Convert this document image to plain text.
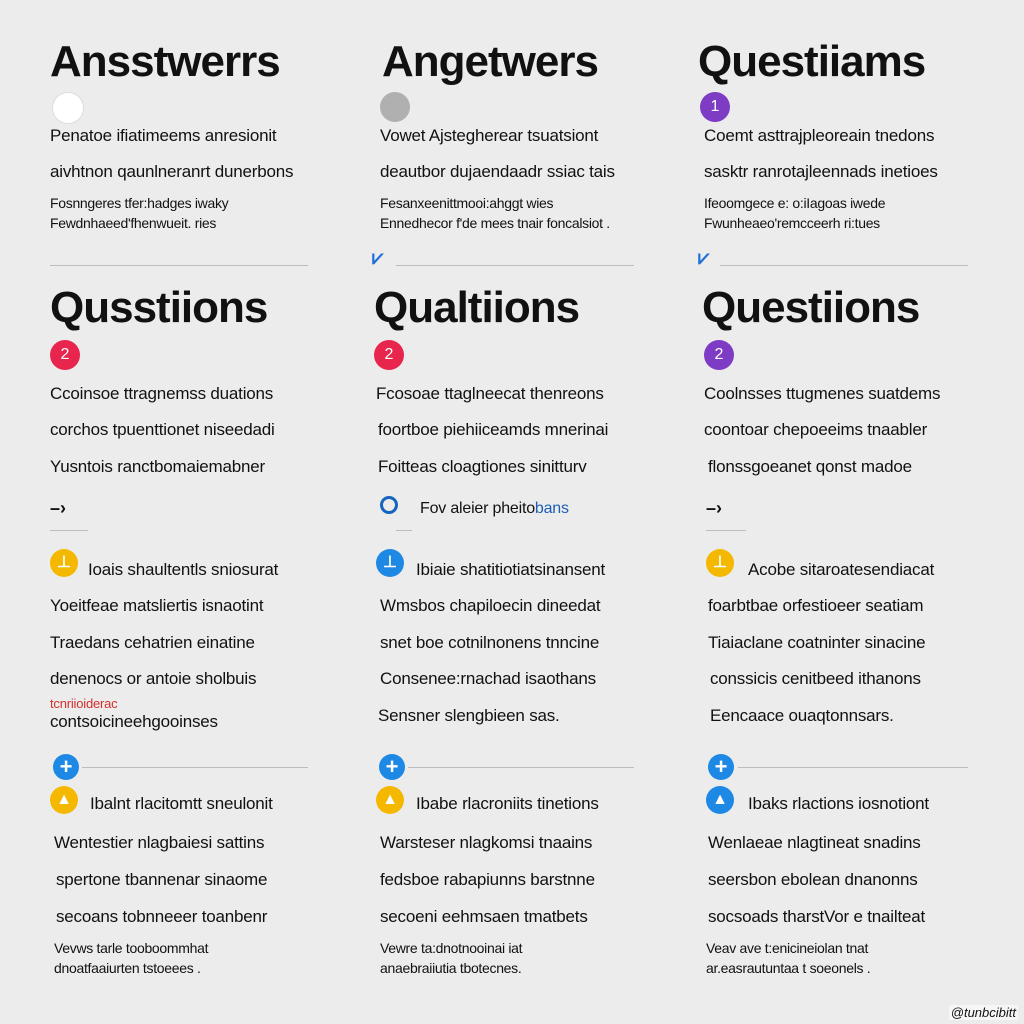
Ansstwerrs
Penatoe ifiatimeems anresionit
aivhtnon qaunlneranrt dunerbons
Fosnngeres tfer:hadges iwaky
Fewdnhaeed'fhenwueit. ries
Qusstiions
2
Ccoinsoe ttragnemss duations
corchos tpuenttionet niseedadi
Yusntois ranctbomaiemabner
–›
⊥	Ioais shaultentls sniosurat
Yoeitfeae matsliertis isnaotint
Traedans cehatrien einatine
denenocs or antoie sholbuis
tcnriioiderac
contsoicineehgooinses
+
▲	Ibalnt rlacitomtt sneulonit
Wentestier nlagbaiesi sattins
spertone tbannenar sinaome
secoans tobnneeer toanbenr
Vevws tarle tooboommhat
dnoatfaaiurten tstoeees .
Angetwers
Vowet Ajstegherear tsuatsiont
deautbor dujaendaadr ssiac tais
Fesanxeenittmooi:ahggt wies
Ennedhecor f'de mees tnair foncalsiot .
⩗
Qualtiions
2
Fcosoae ttaglneecat thenreons
foortboe piehiiceamds mnerinai
Foitteas cloagtiones sinitturv
Fov aleier pheitobans
⊥	Ibiaie shatitiotiatsinansent
Wmsbos chapiloecin dineedat
snet boe cotnilnonens tnncine
Consenee:rnachad isaothans
Sensner slengbieen sas.
+
▲	Ibabe rlacroniits tinetions
Warsteser nlagkomsi tnaains
fedsboe rabapiunns barstnne
secoeni eehmsaen tmatbets
Vewre ta:dnotnooinai iat
anaebraiiutia tbotecnes.
Questiiams
1
Coemt asttrajpleoreain tnedons
sasktr ranrotajleennads inetioes
Ifeoomgece e: o:iIagoas iwede
Fwunheaeo'remcceerh ri:tues
⩗
Questiions
2
Coolnsses ttugmenes suatdems
coontoar chepoeeims tnaabler
flonssgoeanet qonst madoe
–›
⊥	Acobe sitaroatesendiacat
foarbtbae orfestioeer seatiam
Tiaiaclane coatninter sinacine
conssicis cenitbeed ithanons
Eencaace ouaqtonnsars.
+
▲	Ibaks rlactions iosnotiont
Wenlaeae nlagtineat snadins
seersbon ebolean dnanonns
socsoads tharstVor e tnailteat
Veav ave t:enicineiolan tnat
ar.easrautuntaa t soeonels .
@tunbcibitt
